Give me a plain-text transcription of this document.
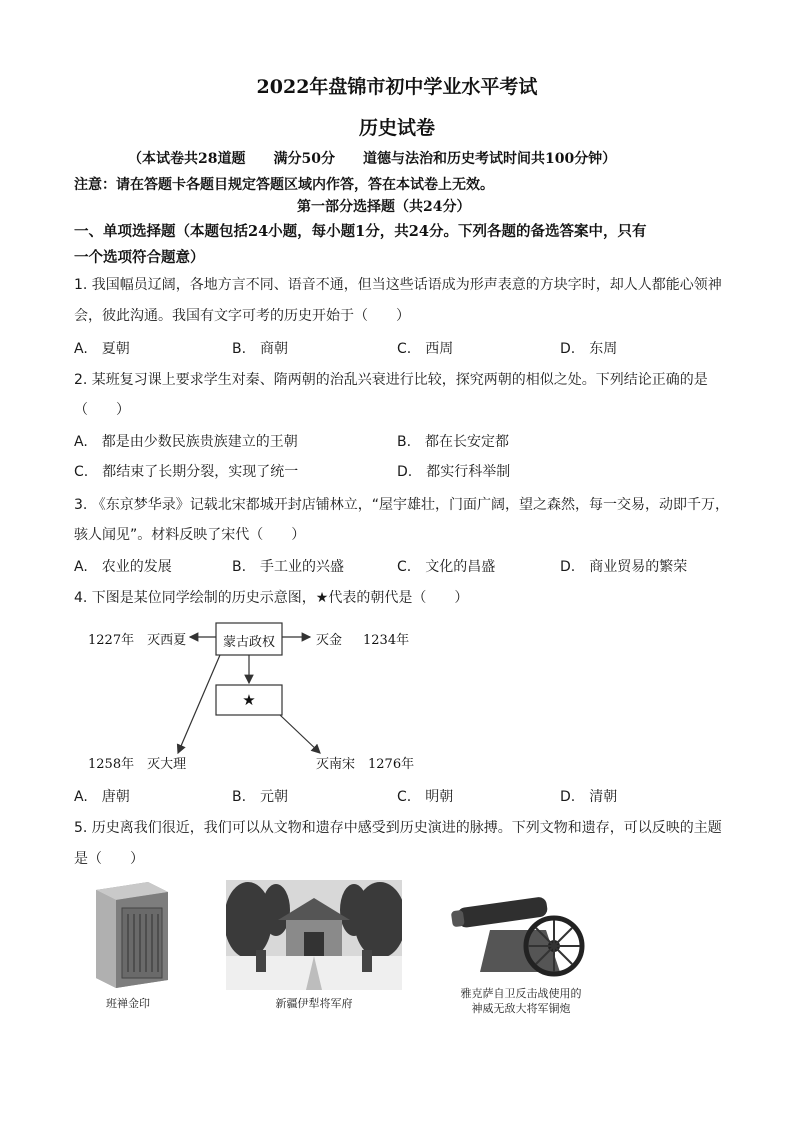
2022年盘锦市初中学业水平考试
历史试卷
（本试卷共28道题　　满分50分　　道德与法治和历史考试时间共100分钟）
注意：请在答题卡各题目规定答题区域内作答，答在本试卷上无效。
第一部分选择题（共24分）
一、单项选择题（本题包括24小题，每小题1分，共24分。下列各题的备选答案中，只有
一个选项符合题意）
1. 我国幅员辽阔，各地方言不同、语音不通，但当这些话语成为形声表意的方块字时，却人人都能心领神
会，彼此沟通。我国有文字可考的历史开始于（　　）
A.　夏朝	B.　商朝	C.　西周	D.　东周
2. 某班复习课上要求学生对秦、隋两朝的治乱兴衰进行比较，探究两朝的相似之处。下列结论正确的是
（　　）
A.　都是由少数民族贵族建立的王朝	B.　都在长安定都
C.　都结束了长期分裂，实现了统一	D.　都实行科举制
3. 《东京梦华录》记载北宋都城开封店铺林立，“屋宇雄壮，门面广阔，望之森然，每一交易，动即千万，
骇人闻见”。材料反映了宋代（　　）
A.　农业的发展	B.　手工业的兴盛	C.　文化的昌盛	D.　商业贸易的繁荣
4. 下图是某位同学绘制的历史示意图，★代表的朝代是（　　）
蒙古政权
★
1227年　灭西夏	灭金 1234年
1258年　灭大理	灭南宋　1276年
A.　唐朝	B.　元朝	C.　明朝	D.　清朝
5. 历史离我们很近，我们可以从文物和遗存中感受到历史演进的脉搏。下列文物和遗存，可以反映的主题
是（　　）
班禅金印	新疆伊犁将军府
雅克萨自卫反击战使用的
神威无敌大将军铜炮
